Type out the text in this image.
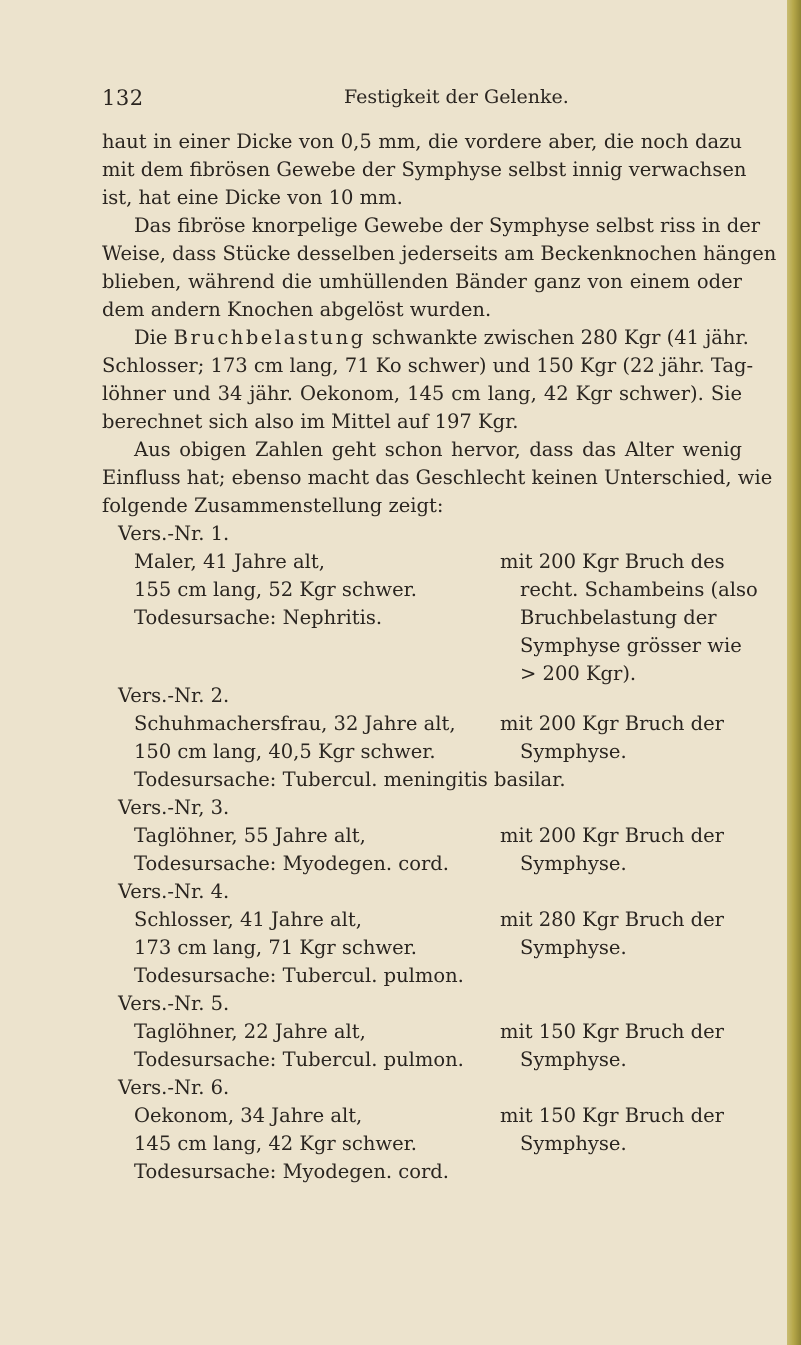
132	Festigkeit der Gelenke.
haut in einer Dicke von 0,5 mm, die vordere aber, die noch dazu
mit dem fibrösen Gewebe der Symphyse selbst innig verwachsen
ist, hat eine Dicke von 10 mm.
Das fibröse knorpelige Gewebe der Symphyse selbst riss in der
Weise, dass Stücke desselben jederseits am Beckenknochen hängen
blieben, während die umhüllenden Bänder ganz von einem oder
dem andern Knochen abgelöst wurden.
Die Bruchbelastung schwankte zwischen 280 Kgr (41 jähr.
Schlosser; 173 cm lang, 71 Ko schwer) und 150 Kgr (22 jähr. Tag-
löhner und 34 jähr. Oekonom, 145 cm lang, 42 Kgr schwer). Sie
berechnet sich also im Mittel auf 197 Kgr.
Aus obigen Zahlen geht schon hervor, dass das Alter wenig
Einfluss hat; ebenso macht das Geschlecht keinen Unterschied, wie
folgende Zusammenstellung zeigt:
Vers.-Nr. 1.
Maler, 41 Jahre alt,
155 cm lang, 52 Kgr schwer.
Todesursache: Nephritis.
mit 200 Kgr Bruch des
recht. Schambeins (also
Bruchbelastung der
Symphyse grösser wie
> 200 Kgr).
Vers.-Nr. 2.
Schuhmachersfrau, 32 Jahre alt,
150 cm lang, 40,5 Kgr schwer.
mit 200 Kgr Bruch der
Symphyse.
Todesursache: Tubercul. meningitis basilar.
Vers.-Nr, 3.
Taglöhner, 55 Jahre alt,
Todesursache: Myodegen. cord.
mit 200 Kgr Bruch der
Symphyse.
Vers.-Nr. 4.
Schlosser, 41 Jahre alt,
173 cm lang, 71 Kgr schwer.
Todesursache: Tubercul. pulmon.
mit 280 Kgr Bruch der
Symphyse.
Vers.-Nr. 5.
Taglöhner, 22 Jahre alt,
Todesursache: Tubercul. pulmon.
mit 150 Kgr Bruch der
Symphyse.
Vers.-Nr. 6.
Oekonom, 34 Jahre alt,
145 cm lang, 42 Kgr schwer.
Todesursache: Myodegen. cord.
mit 150 Kgr Bruch der
Symphyse.
